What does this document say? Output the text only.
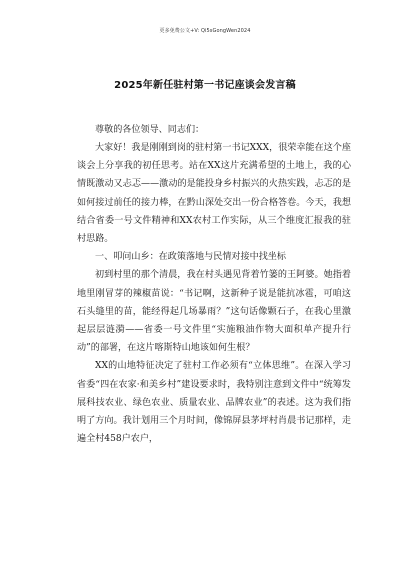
更多免费公文+V: Qi5sGongWen2024
2025年新任驻村第一书记座谈会发言稿
尊敬的各位领导、同志们：

大家好！我是刚刚到岗的驻村第一书记XXX，很荣幸能在这个座谈会上分享我的初任思考。站在XX这片充满希望的土地上，我的心情既激动又忐忑——激动的是能投身乡村振兴的火热实践，忐忑的是如何接过前任的接力棒，在黔山深处交出一份合格答卷。今天，我想结合省委一号文件精神和XX农村工作实际，从三个维度汇报我的驻村思路。

一、叩问山乡：在政策落地与民情对接中找坐标

初到村里的那个清晨，我在村头遇见背着竹篓的王阿婆。她指着地里刚冒芽的辣椒苗说：“书记啊，这新种子说是能抗冰雹，可咱这石头缝里的苗，能经得起几场暴雨？”这句话像颗石子，在我心里激起层层涟漪——省委一号文件里“实施粮油作物大面积单产提升行动”的部署，在这片喀斯特山地该如何生根？

XX的山地特征决定了驻村工作必须有“立体思维”。在深入学习省委“四在农家·和美乡村”建设要求时，我特别注意到文件中“统筹发展科技农业、绿色农业、质量农业、品牌农业”的表述。这为我们指明了方向。我计划用三个月时间，像锦屏县茅坪村肖晨书记那样，走遍全村458户农户，
